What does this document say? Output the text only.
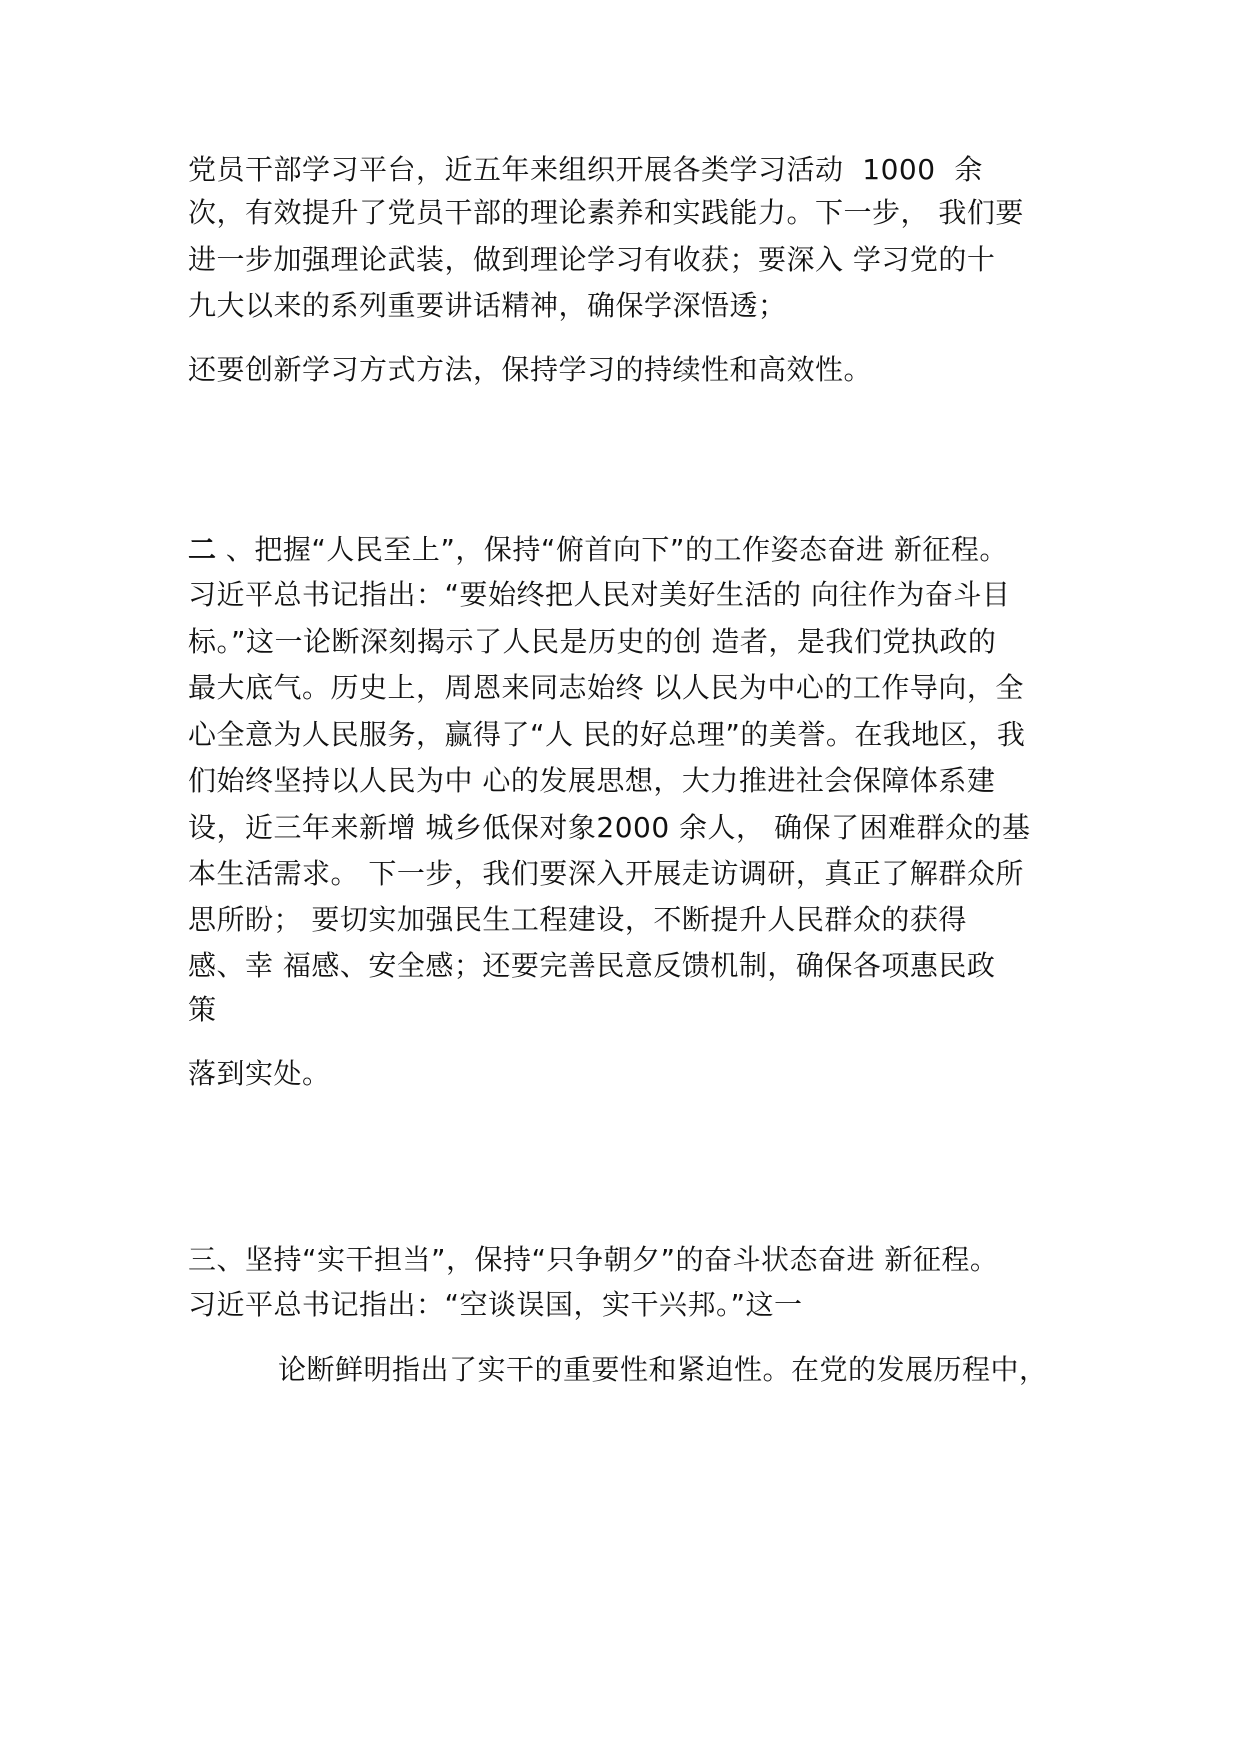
党员干部学习平台，近五年来组织开展各类学习活动  1000  余
次，有效提升了党员干部的理论素养和实践能力。下一步， 我们要
进一步加强理论武装，做到理论学习有收获；要深入 学习党的十
九大以来的系列重要讲话精神，确保学深悟透；
还要创新学习方式方法，保持学习的持续性和高效性。
二 、把握“人民至上”，保持“俯首向下”的工作姿态奋进 新征程。
习近平总书记指出：“要始终把人民对美好生活的 向往作为奋斗目
标。”这一论断深刻揭示了人民是历史的创 造者，是我们党执政的
最大底气。历史上，周恩来同志始终 以人民为中心的工作导向，全
心全意为人民服务，赢得了“人 民的好总理”的美誉。在我地区，我
们始终坚持以人民为中 心的发展思想，大力推进社会保障体系建
设，近三年来新增 城乡低保对象2000 余人， 确保了困难群众的基
本生活需求。 下一步，我们要深入开展走访调研，真正了解群众所
思所盼； 要切实加强民生工程建设，不断提升人民群众的获得
感、幸 福感、安全感；还要完善民意反馈机制，确保各项惠民政
策
落到实处。
三、坚持“实干担当”，保持“只争朝夕”的奋斗状态奋进 新征程。
习近平总书记指出：“空谈误国，实干兴邦。”这一
论断鲜明指出了实干的重要性和紧迫性。在党的发展历程中，
